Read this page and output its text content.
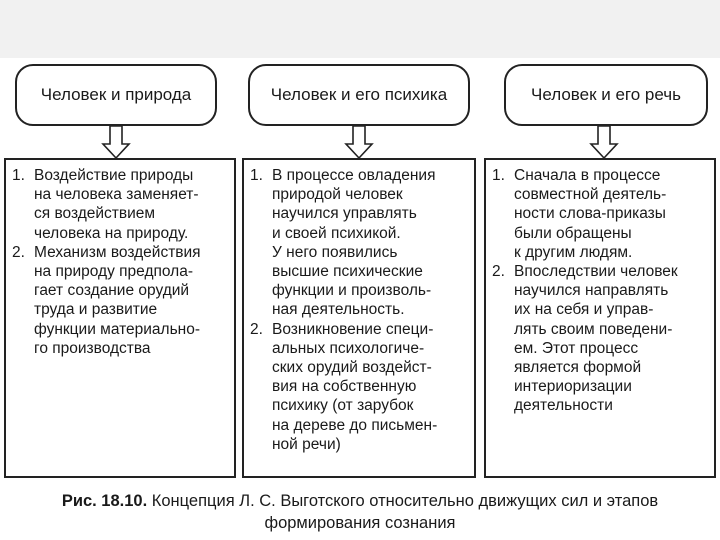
Человек и природа
1. Воздействие природы
на человека заменяет-
ся воздействием
человека на природу.
2. Механизм воздействия
на природу предпола-
гает создание орудий
труда и развитие
функции материально-
го производства
Человек и его психика
1. В процессе овладения
природой человек
научился управлять
и своей психикой.
У него появились
высшие психические
функции и произволь-
ная деятельность.
2. Возникновение специ-
альных психологиче-
ских орудий воздейст-
вия на собственную
психику (от зарубок
на дереве до письмен-
ной речи)
Человек и его речь
1. Сначала в процессе
совместной деятель-
ности слова-приказы
были обращены
к другим людям.
2. Впоследствии человек
научился направлять
их на себя и управ-
лять своим поведени-
ем. Этот процесс
является формой
интериоризации
деятельности
Рис. 18.10. Концепция Л. С. Выготского относительно движущих сил и этапов
формирования сознания
